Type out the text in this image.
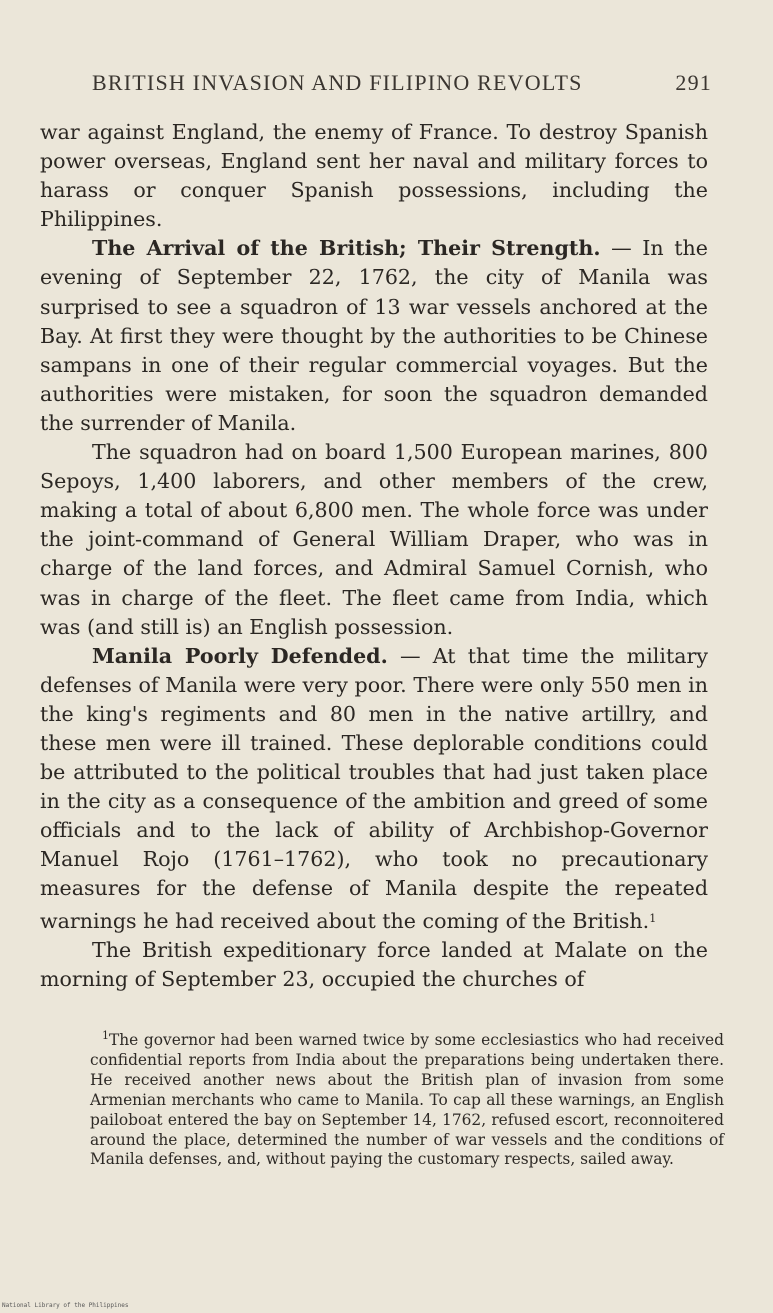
BRITISH INVASION AND FILIPINO REVOLTS	291

war against England, the enemy of France. To destroy Spanish power overseas, England sent her naval and military forces to harass or conquer Spanish possessions, including the Philippines.

The Arrival of the British; Their Strength. — In the evening of September 22, 1762, the city of Manila was surprised to see a squadron of 13 war vessels anchored at the Bay. At first they were thought by the authorities to be Chinese sampans in one of their regular commercial voyages. But the authorities were mistaken, for soon the squadron demanded the surrender of Manila.

The squadron had on board 1,500 European marines, 800 Sepoys, 1,400 laborers, and other members of the crew, making a total of about 6,800 men. The whole force was under the joint-command of General William Draper, who was in charge of the land forces, and Admiral Samuel Cornish, who was in charge of the fleet. The fleet came from India, which was (and still is) an English possession.

Manila Poorly Defended. — At that time the military defenses of Manila were very poor. There were only 550 men in the king's regiments and 80 men in the native artillry, and these men were ill trained. These deplorable conditions could be attributed to the political troubles that had just taken place in the city as a consequence of the ambition and greed of some officials and to the lack of ability of Archbishop-Governor Manuel Rojo (1761–1762), who took no precautionary measures for the defense of Manila despite the repeated warnings he had received about the coming of the British.$^1$

The British expeditionary force landed at Malate on the morning of September 23, occupied the churches of

$^1$The governor had been warned twice by some ecclesiastics who had received confidential reports from India about the preparations being undertaken there. He received another news about the British plan of invasion from some Armenian merchants who came to Manila. To cap all these warnings, an English pailoboat entered the bay on September 14, 1762, refused escort, reconnoitered around the place, determined the number of war vessels and the conditions of Manila defenses, and, without paying the customary respects, sailed away.

National Library of the Philippines
